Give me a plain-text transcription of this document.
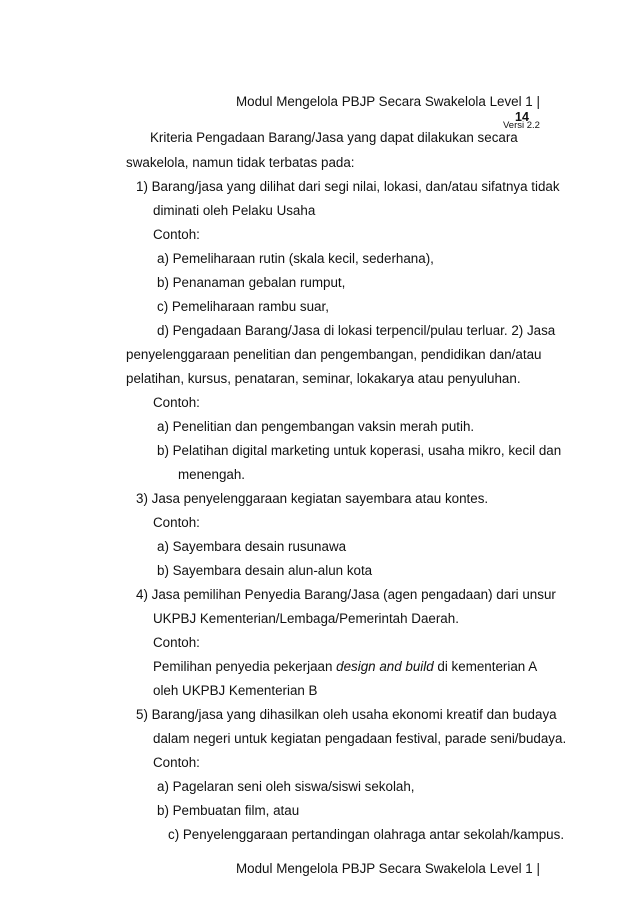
Modul Mengelola PBJP Secara Swakelola Level 1 |
14
Versi 2.2
Kriteria Pengadaan Barang/Jasa yang dapat dilakukan secara
swakelola, namun tidak terbatas pada:
1) Barang/jasa yang dilihat dari segi nilai, lokasi, dan/atau sifatnya tidak
diminati oleh Pelaku Usaha
Contoh:
a) Pemeliharaan rutin (skala kecil, sederhana),
b) Penanaman gebalan rumput,
c) Pemeliharaan rambu suar,
d) Pengadaan Barang/Jasa di lokasi terpencil/pulau terluar. 2) Jasa
penyelenggaraan penelitian dan pengembangan, pendidikan dan/atau
pelatihan, kursus, penataran, seminar, lokakarya atau penyuluhan.
Contoh:
a) Penelitian dan pengembangan vaksin merah putih.
b) Pelatihan digital marketing untuk koperasi, usaha mikro, kecil dan
menengah.
3) Jasa penyelenggaraan kegiatan sayembara atau kontes.
Contoh:
a) Sayembara desain rusunawa
b) Sayembara desain alun-alun kota
4) Jasa pemilihan Penyedia Barang/Jasa (agen pengadaan) dari unsur
UKPBJ Kementerian/Lembaga/Pemerintah Daerah.
Contoh:
Pemilihan penyedia pekerjaan design and build di kementerian A
oleh UKPBJ Kementerian B
5) Barang/jasa yang dihasilkan oleh usaha ekonomi kreatif dan budaya
dalam negeri untuk kegiatan pengadaan festival, parade seni/budaya.
Contoh:
a) Pagelaran seni oleh siswa/siswi sekolah,
b) Pembuatan film, atau
c) Penyelenggaraan pertandingan olahraga antar sekolah/kampus.
Modul Mengelola PBJP Secara Swakelola Level 1 |
